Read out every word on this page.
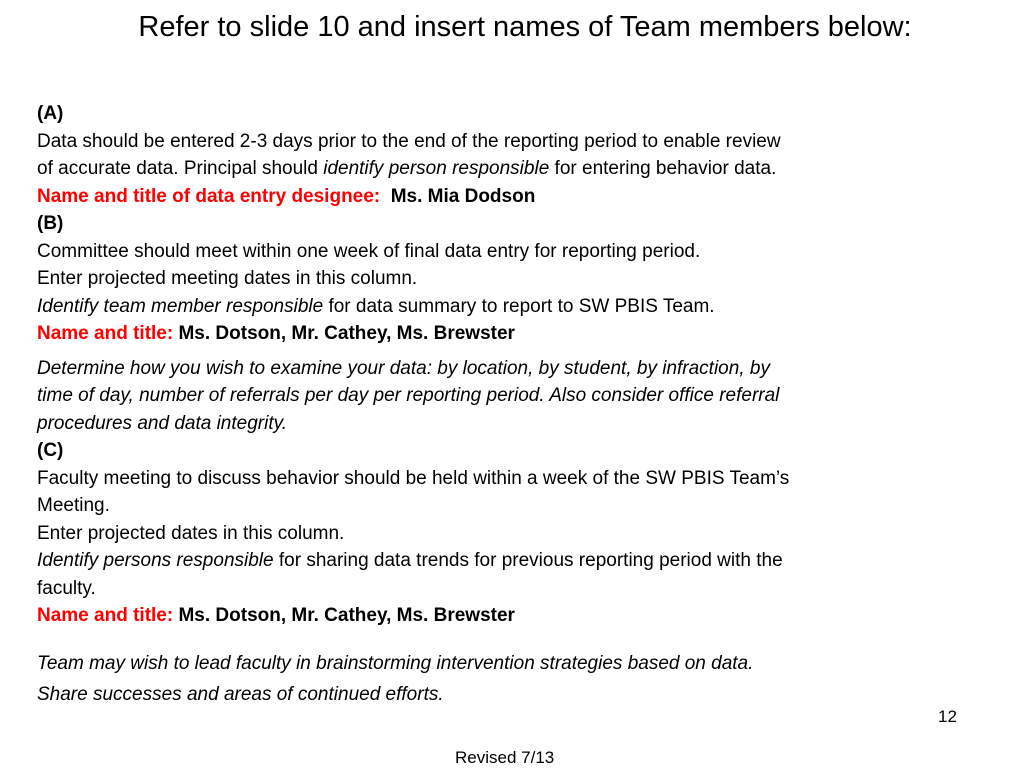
Refer to slide 10 and insert names of Team members below:
(A)
Data should be entered 2-3 days prior to the end of the reporting period to enable review
of accurate data. Principal should identify person responsible for entering behavior data.
Name and title of data entry designee: Ms. Mia Dodson
(B)
Committee should meet within one week of final data entry for reporting period.
Enter projected meeting dates in this column.
Identify team member responsible for data summary to report to SW PBIS Team.
Name and title: Ms. Dotson, Mr. Cathey, Ms. Brewster
Determine how you wish to examine your data: by location, by student, by infraction, by
time of day, number of referrals per day per reporting period. Also consider office referral
procedures and data integrity.
(C)
Faculty meeting to discuss behavior should be held within a week of the SW PBIS Team’s
Meeting.
Enter projected dates in this column.
Identify persons responsible for sharing data trends for previous reporting period with the
faculty.
Name and title: Ms. Dotson, Mr. Cathey, Ms. Brewster
Team may wish to lead faculty in brainstorming intervention strategies based on data.
Share successes and areas of continued efforts.
12
Revised 7/13
